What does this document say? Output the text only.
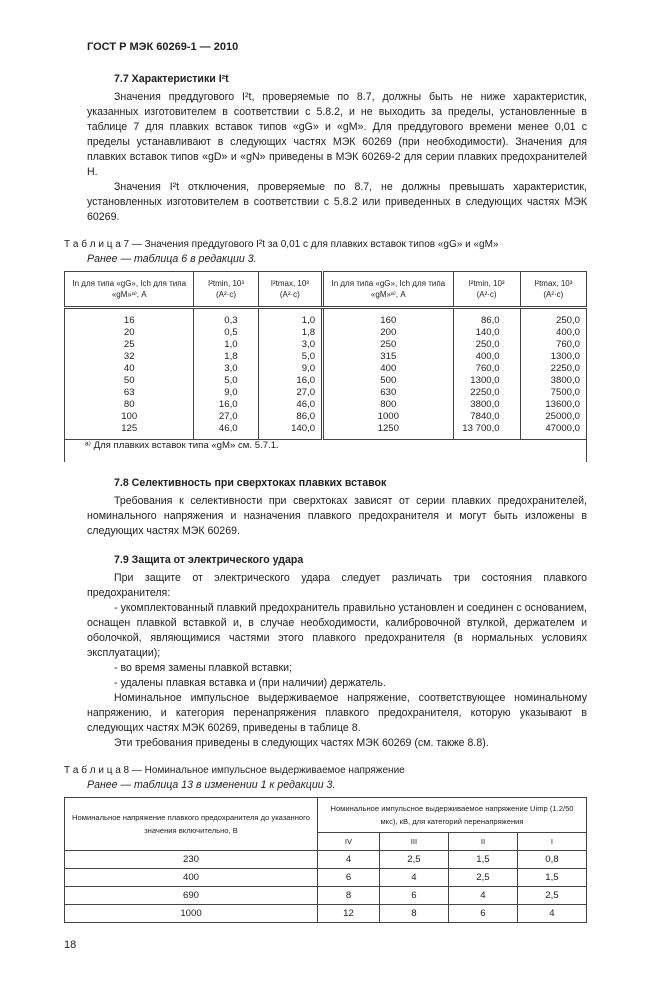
ГОСТ Р МЭК 60269-1 — 2010
7.7 Характеристики I²t
Значения преддугового I²t, проверяемые по 8.7, должны быть не ниже характеристик, указанных изготовителем в соответствии с 5.8.2, и не выходить за пределы, установленные в таблице 7 для плавких вставок типов «gG» и «gM». Для преддугового времени менее 0,01 с пределы устанавливают в следующих частях МЭК 60269 (при необходимости). Значения для плавких вставок типов «gD» и «gN» приведены в МЭК 60269-2 для серии плавких предохранителей H.
Значения I²t отключения, проверяемые по 8.7, не должны превышать характеристик, установленных изготовителем в соответствии с 5.8.2 или приведенных в следующих частях МЭК 60269.
Т а б л и ц а 7 — Значения преддугового I²t за 0,01 с для плавких вставок типов «gG» и «gM»
Ранее — таблица 6 в редакции 3.
In для типа «gG», Ich для типа «gM»ᵃ⁾, А	I²tmin, 10³ (А²·с)	I²tmax, 10³ (А²·с)	In для типа «gG», Ich для типа «gM»ᵃ⁾, А	I²tmin, 10³ (А²·с)	I²tmax, 10³ (А²·с)
16	0,3	1,0	160	86,0	250,0
20	0,5	1,8	200	140,0	400,0
25	1,0	3,0	250	250,0	760,0
32	1,8	5,0	315	400,0	1300,0
40	3,0	9,0	400	760,0	2250,0
50	5,0	16,0	500	1300,0	3800,0
63	9,0	27,0	630	2250,0	7500,0
80	16,0	46,0	800	3800,0	13600,0
100	27,0	86,0	1000	7840,0	25000,0
125	46,0	140,0	1250	13 700,0	47000,0
ᵃ⁾ Для плавких вставок типа «gM» см. 5.7.1.					
7.8 Селективность при сверхтоках плавких вставок
Требования к селективности при сверхтоках зависят от серии плавких предохранителей, номинального напряжения и назначения плавкого предохранителя и могут быть изложены в следующих частях МЭК 60269.
7.9 Защита от электрического удара
При защите от электрического удара следует различать три состояния плавкого предохранителя:
- укомплектованный плавкий предохранитель правильно установлен и соединен с основанием, оснащен плавкой вставкой и, в случае необходимости, калибровочной втулкой, держателем и оболочкой, являющимися частями этого плавкого предохранителя (в нормальных условиях эксплуатации);
- во время замены плавкой вставки;
- удалены плавкая вставка и (при наличии) держатель.
Номинальное импульсное выдерживаемое напряжение, соответствующее номинальному напряжению, и категория перенапряжения плавкого предохранителя, которую указывают в следующих частях МЭК 60269, приведены в таблице 8.
Эти требования приведены в следующих частях МЭК 60269 (см. также 8.8).
Т а б л и ц а 8 — Номинальное импульсное выдерживаемое напряжение
Ранее — таблица 13 в изменении 1 к редакции 3.
Номинальное напряжение плавкого предохранителя до указанного значения включительно, В	Номинальное импульсное выдерживаемое напряжение Uimp (1.2/50 мкс), кВ, для категорий перенапряжения			
	IV	III	II	I
230	4	2,5	1,5	0,8
400	6	4	2,5	1,5
690	8	6	4	2,5
1000	12	8	6	4
18
